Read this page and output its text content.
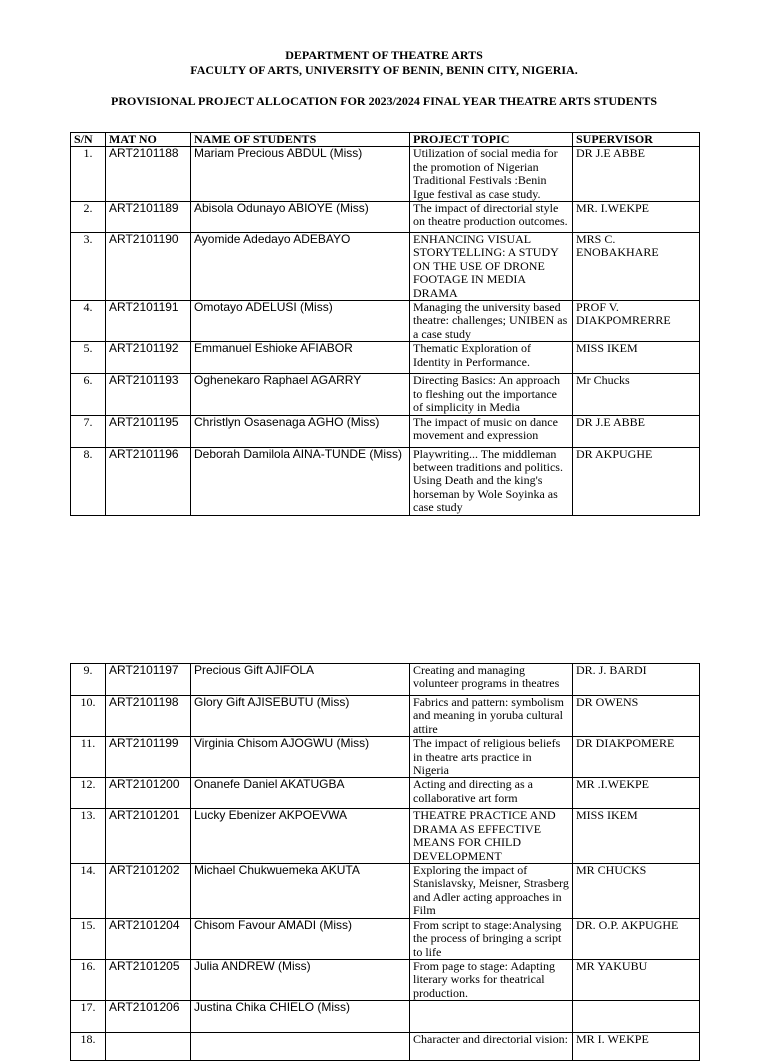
DEPARTMENT OF THEATRE ARTS
FACULTY OF ARTS, UNIVERSITY OF BENIN, BENIN CITY, NIGERIA.
PROVISIONAL PROJECT ALLOCATION FOR 2023/2024 FINAL YEAR THEATRE ARTS STUDENTS
S/N	MAT NO	NAME OF STUDENTS	PROJECT TOPIC	SUPERVISOR
1.	ART2101188	Mariam Precious ABDUL (Miss)	Utilization of social media for the promotion of Nigerian Traditional Festivals :Benin Igue festival as case study.	DR J.E ABBE
2.	ART2101189	Abisola Odunayo ABIOYE (Miss)	The impact of directorial style on theatre production outcomes.	MR. I.WEKPE
3.	ART2101190	Ayomide Adedayo ADEBAYO	ENHANCING VISUAL STORYTELLING: A STUDY ON THE USE OF DRONE FOOTAGE IN MEDIA DRAMA	MRS C. ENOBAKHARE
4.	ART2101191	Omotayo ADELUSI (Miss)	Managing the university based theatre: challenges; UNIBEN as a case study	PROF V. DIAKPOMRERRE
5.	ART2101192	Emmanuel Eshioke AFIABOR	Thematic Exploration of Identity in Performance.	MISS IKEM
6.	ART2101193	Oghenekaro Raphael AGARRY	Directing Basics: An approach to fleshing out the importance of simplicity in Media	Mr Chucks
7.	ART2101195	Christlyn Osasenaga AGHO (Miss)	The impact of music on dance movement and expression	DR J.E ABBE
8.	ART2101196	Deborah Damilola AINA-TUNDE (Miss)	Playwriting... The middleman between traditions and politics. Using Death and the king's horseman by Wole Soyinka as case study	DR AKPUGHE
9.	ART2101197	Precious Gift AJIFOLA	Creating and managing volunteer programs in theatres	DR. J. BARDI
10.	ART2101198	Glory Gift AJISEBUTU (Miss)	Fabrics and pattern: symbolism and meaning in yoruba cultural attire	DR OWENS
11.	ART2101199	Virginia Chisom AJOGWU (Miss)	The impact of religious beliefs in theatre arts practice in Nigeria	DR DIAKPOMERE
12.	ART2101200	Onanefe Daniel AKATUGBA	Acting and directing as a collaborative art form	MR .I.WEKPE
13.	ART2101201	Lucky Ebenizer AKPOEVWA	THEATRE PRACTICE AND DRAMA AS EFFECTIVE MEANS FOR CHILD DEVELOPMENT	MISS IKEM
14.	ART2101202	Michael Chukwuemeka AKUTA	Exploring the impact of Stanislavsky, Meisner, Strasberg and Adler acting approaches in Film	MR CHUCKS
15.	ART2101204	Chisom Favour AMADI (Miss)	From script to stage:Analysing the process of bringing a script to life	DR. O.P. AKPUGHE
16.	ART2101205	Julia ANDREW (Miss)	From page to stage: Adapting literary works for theatrical production.	MR YAKUBU
17.	ART2101206	Justina Chika CHIELO (Miss)		
18.			Character and directorial vision:	MR I. WEKPE
